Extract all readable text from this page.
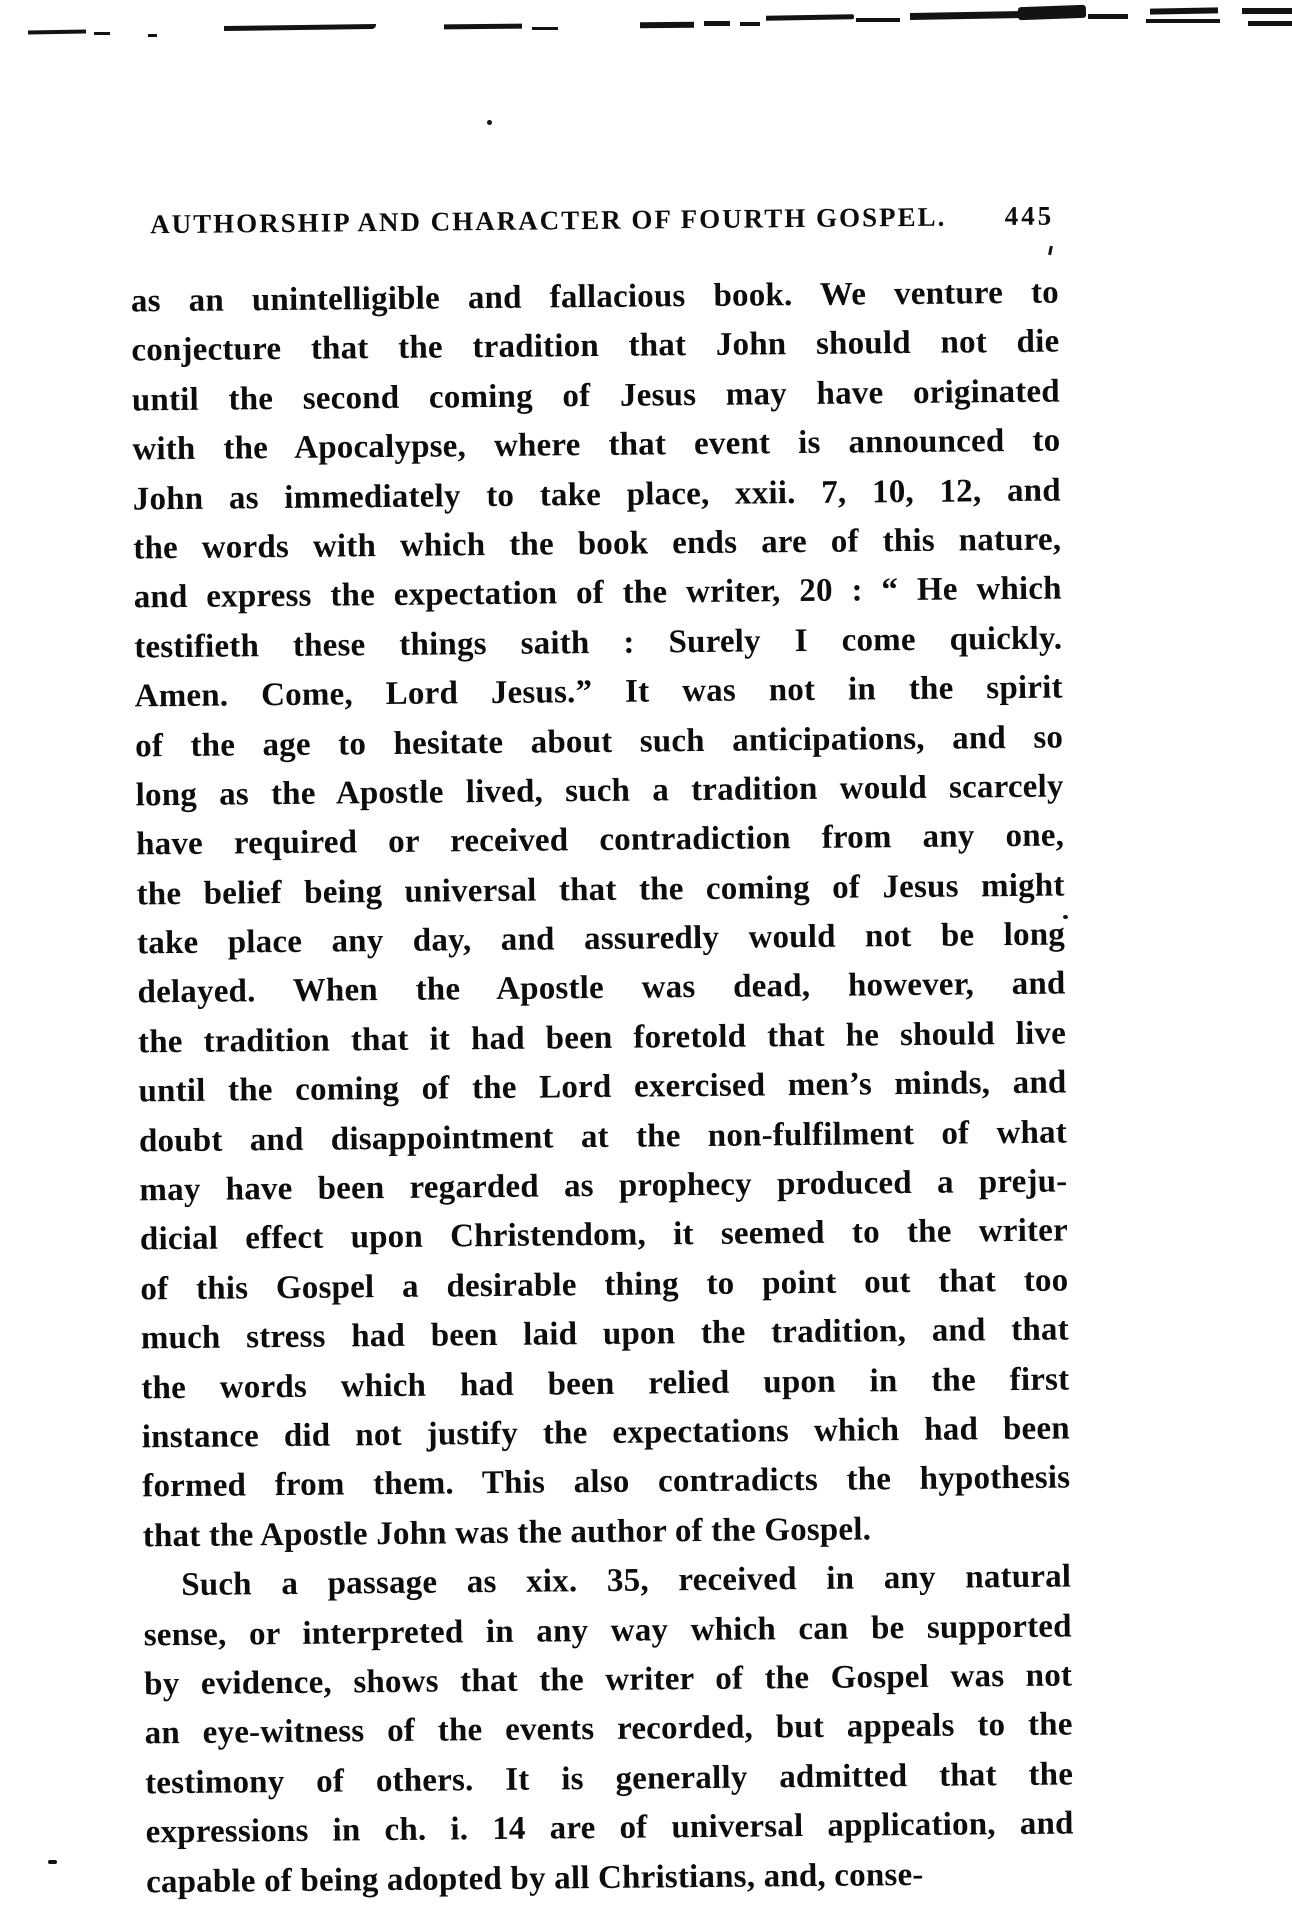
AUTHORSHIP AND CHARACTER OF FOURTH GOSPEL. 445
as an unintelligible and fallacious book. We venture to
conjecture that the tradition that John should not die
until the second coming of Jesus may have originated
with the Apocalypse, where that event is announced to
John as immediately to take place, xxii. 7, 10, 12, and
the words with which the book ends are of this nature,
and express the expectation of the writer, 20 : “ He which
testifieth these things saith : Surely I come quickly.
Amen. Come, Lord Jesus.” It was not in the spirit
of the age to hesitate about such anticipations, and so
long as the Apostle lived, such a tradition would scarcely
have required or received contradiction from any one,
the belief being universal that the coming of Jesus might
take place any day, and assuredly would not be long
delayed. When the Apostle was dead, however, and
the tradition that it had been foretold that he should live
until the coming of the Lord exercised men’s minds, and
doubt and disappointment at the non-fulfilment of what
may have been regarded as prophecy produced a preju-
dicial effect upon Christendom, it seemed to the writer
of this Gospel a desirable thing to point out that too
much stress had been laid upon the tradition, and that
the words which had been relied upon in the first
instance did not justify the expectations which had been
formed from them. This also contradicts the hypothesis
that the Apostle John was the author of the Gospel.
Such a passage as xix. 35, received in any natural
sense, or interpreted in any way which can be supported
by evidence, shows that the writer of the Gospel was not
an eye-witness of the events recorded, but appeals to the
testimony of others. It is generally admitted that the
expressions in ch. i. 14 are of universal application, and
capable of being adopted by all Christians, and, conse-
